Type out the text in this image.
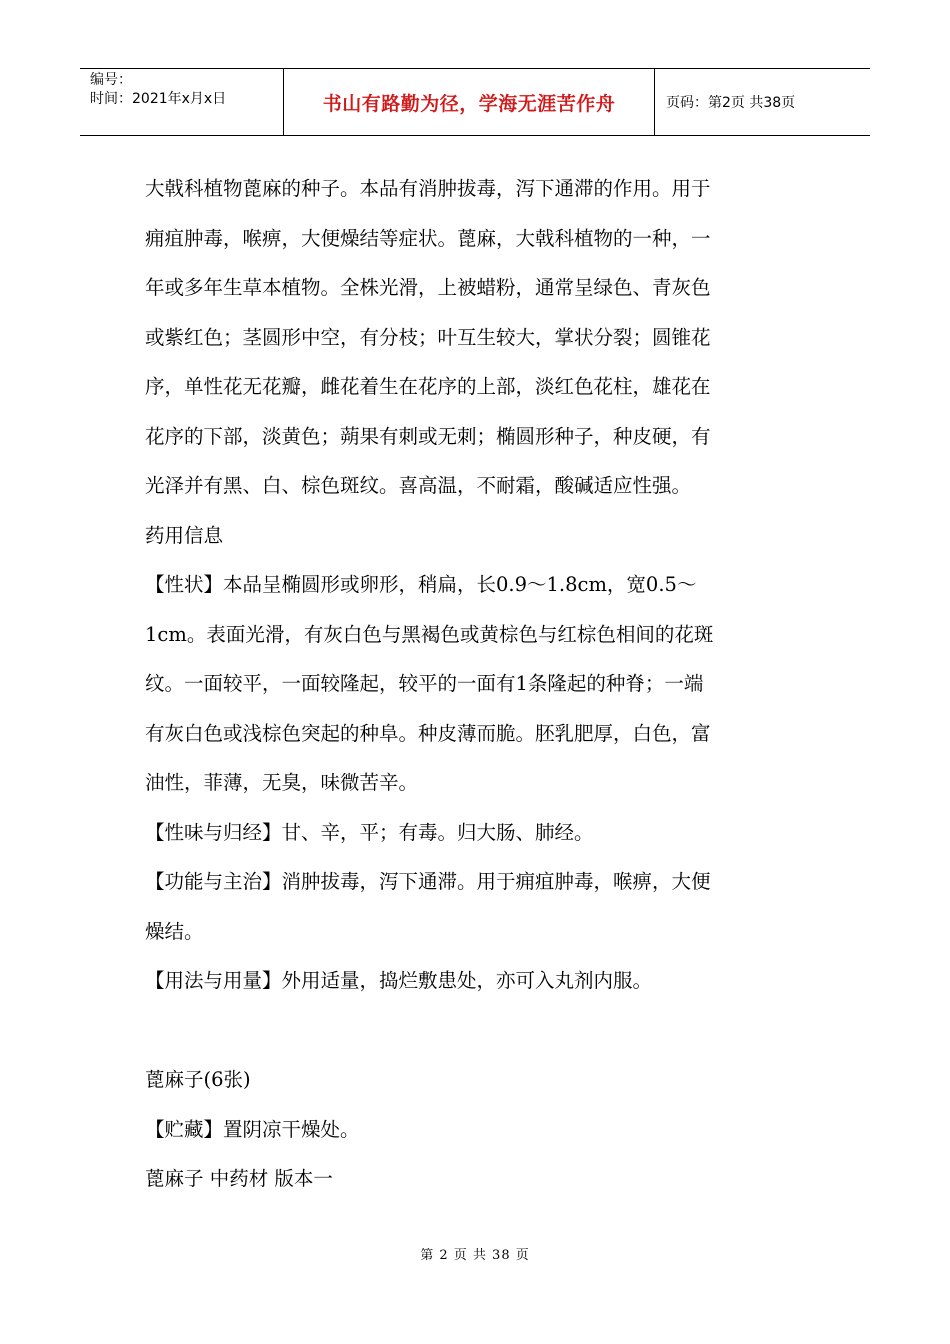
编号：
时间：2021年x月x日	书山有路勤为径，学海无涯苦作舟	页码：第2页 共38页

大戟科植物蓖麻的种子。本品有消肿拔毒，泻下通滞的作用。用于

痈疽肿毒，喉痹，大便燥结等症状。蓖麻，大戟科植物的一种，一

年或多年生草本植物。全株光滑，上被蜡粉，通常呈绿色、青灰色

或紫红色；茎圆形中空，有分枝；叶互生较大，掌状分裂；圆锥花

序，单性花无花瓣，雌花着生在花序的上部，淡红色花柱，雄花在

花序的下部，淡黄色；蒴果有刺或无刺；椭圆形种子，种皮硬，有

光泽并有黑、白、棕色斑纹。喜高温，不耐霜，酸碱适应性强。

药用信息

【性状】本品呈椭圆形或卵形，稍扁，长0.9～1.8cm，宽0.5～

1cm。表面光滑，有灰白色与黑褐色或黄棕色与红棕色相间的花斑

纹。一面较平，一面较隆起，较平的一面有1条隆起的种脊；一端

有灰白色或浅棕色突起的种阜。种皮薄而脆。胚乳肥厚，白色，富

油性，菲薄，无臭，味微苦辛。

【性味与归经】甘、辛，平；有毒。归大肠、肺经。

【功能与主治】消肿拔毒，泻下通滞。用于痈疽肿毒，喉痹，大便

燥结。

【用法与用量】外用适量，捣烂敷患处，亦可入丸剂内服。

蓖麻子(6张)

【贮藏】置阴凉干燥处。

蓖麻子 中药材 版本一

第 2 页 共 38 页
